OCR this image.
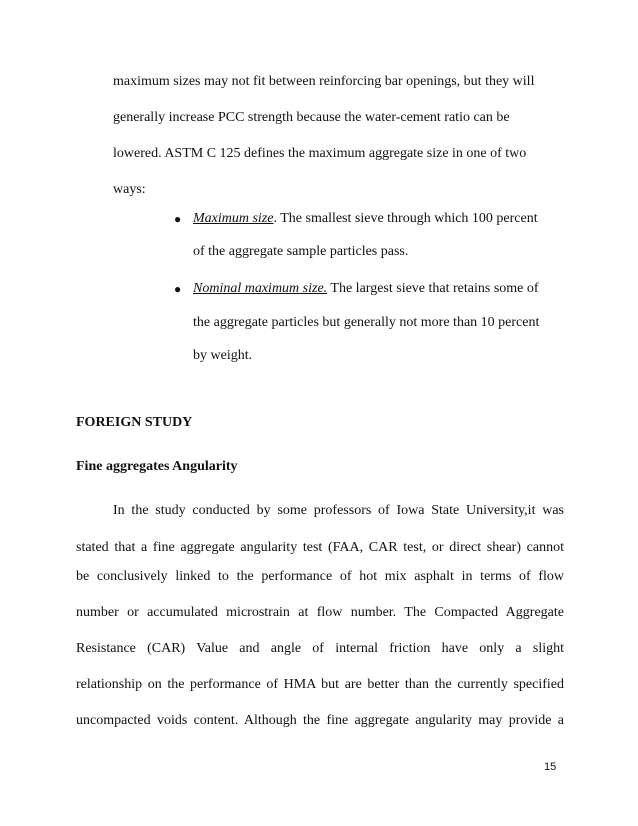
maximum sizes may not fit between reinforcing bar openings, but they will
generally increase PCC strength because the water-cement ratio can be
lowered. ASTM C 125 defines the maximum aggregate size in one of two
ways:
● Maximum size. The smallest sieve through which 100 percent
of the aggregate sample particles pass.
● Nominal maximum size. The largest sieve that retains some of
the aggregate particles but generally not more than 10 percent
by weight.
FOREIGN STUDY
Fine aggregates Angularity
In the study conducted by some professors of Iowa State University,it was
stated that a fine aggregate angularity test (FAA, CAR test, or direct shear) cannot
be conclusively linked to the performance of hot mix asphalt in terms of flow
number or accumulated microstrain at flow number. The Compacted Aggregate
Resistance (CAR) Value and angle of internal friction have only a slight
relationship on the performance of HMA but are better than the currently specified
uncompacted voids content. Although the fine aggregate angularity may provide a
15
